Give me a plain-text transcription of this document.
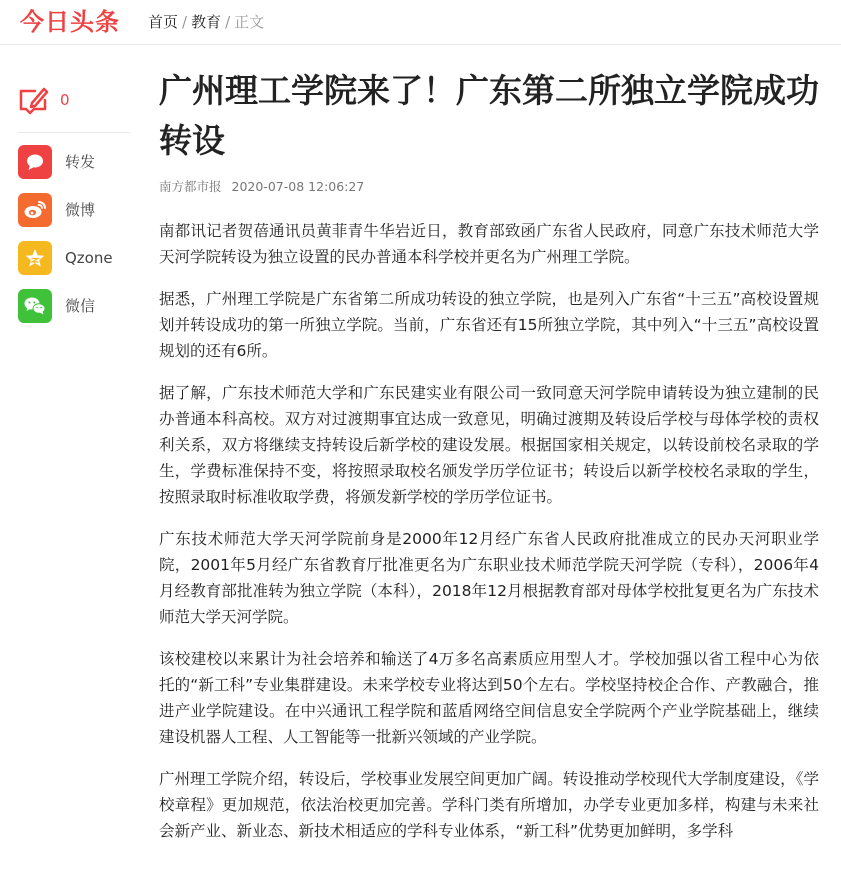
今日头条 首页 / 教育 / 正文
0
转发
微博
Qzone
微信
广州理工学院来了！广东第二所独立学院成功转设
南方都市报 2020-07-08 12:06:27

南都讯记者贺蓓通讯员黄菲青牛华岩近日，教育部致函广东省人民政府，同意广东技术师范大学天河学院转设为独立设置的民办普通本科学校并更名为广州理工学院。

据悉，广州理工学院是广东省第二所成功转设的独立学院，也是列入广东省“十三五”高校设置规划并转设成功的第一所独立学院。当前，广东省还有15所独立学院，其中列入“十三五”高校设置规划的还有6所。

据了解，广东技术师范大学和广东民建实业有限公司一致同意天河学院申请转设为独立建制的民办普通本科高校。双方对过渡期事宜达成一致意见，明确过渡期及转设后学校与母体学校的责权利关系，双方将继续支持转设后新学校的建设发展。根据国家相关规定，以转设前校名录取的学生，学费标准保持不变，将按照录取校名颁发学历学位证书；转设后以新学校校名录取的学生，按照录取时标准收取学费，将颁发新学校的学历学位证书。

广东技术师范大学天河学院前身是2000年12月经广东省人民政府批准成立的民办天河职业学院，2001年5月经广东省教育厅批准更名为广东职业技术师范学院天河学院（专科），2006年4月经教育部批准转为独立学院（本科），2018年12月根据教育部对母体学校批复更名为广东技术师范大学天河学院。

该校建校以来累计为社会培养和输送了4万多名高素质应用型人才。学校加强以省工程中心为依托的“新工科”专业集群建设。未来学校专业将达到50个左右。学校坚持校企合作、产教融合，推进产业学院建设。在中兴通讯工程学院和蓝盾网络空间信息安全学院两个产业学院基础上，继续建设机器人工程、人工智能等一批新兴领域的产业学院。

广州理工学院介绍，转设后，学校事业发展空间更加广阔。转设推动学校现代大学制度建设，《学校章程》更加规范，依法治校更加完善。学科门类有所增加，办学专业更加多样，构建与未来社会新产业、新业态、新技术相适应的学科专业体系，“新工科”优势更加鲜明，多学科
